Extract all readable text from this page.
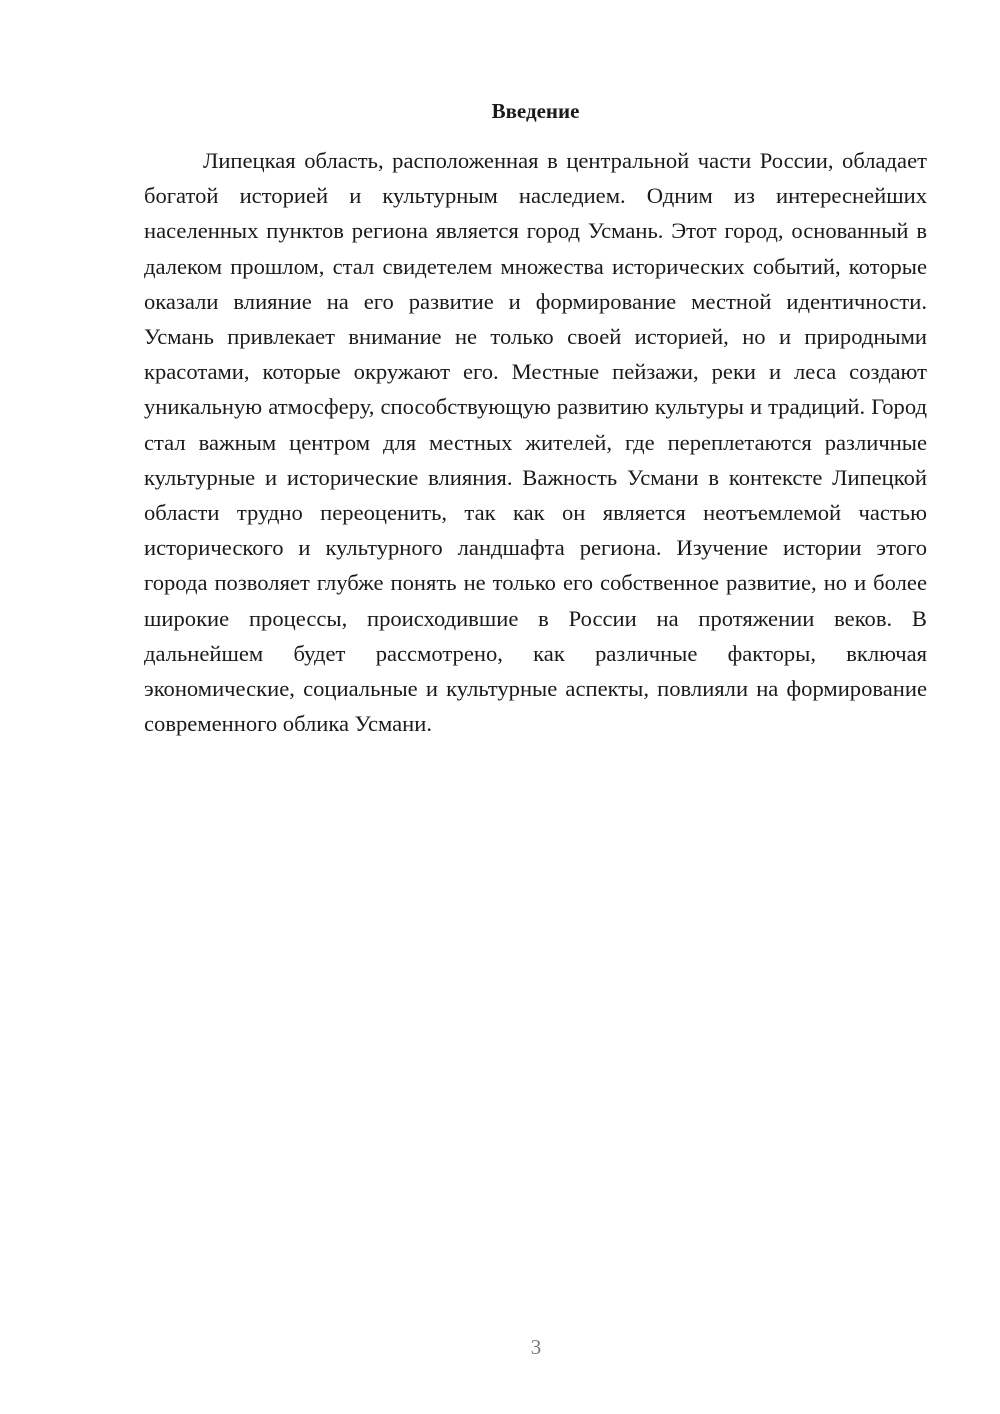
Введение

Липецкая область, расположенная в центральной части России, обладает богатой историей и культурным наследием. Одним из интереснейших населенных пунктов региона является город Усмань. Этот город, основанный в далеком прошлом, стал свидетелем множества исторических событий, которые оказали влияние на его развитие и формирование местной идентичности. Усмань привлекает внимание не только своей историей, но и природными красотами, которые окружают его. Местные пейзажи, реки и леса создают уникальную атмосферу, способствующую развитию культуры и традиций. Город стал важным центром для местных жителей, где переплетаются различные культурные и исторические влияния. Важность Усмани в контексте Липецкой области трудно переоценить, так как он является неотъемлемой частью исторического и культурного ландшафта региона. Изучение истории этого города позволяет глубже понять не только его собственное развитие, но и более широкие процессы, происходившие в России на протяжении веков. В дальнейшем будет рассмотрено, как различные факторы, включая экономические, социальные и культурные аспекты, повлияли на формирование современного облика Усмани.

3
